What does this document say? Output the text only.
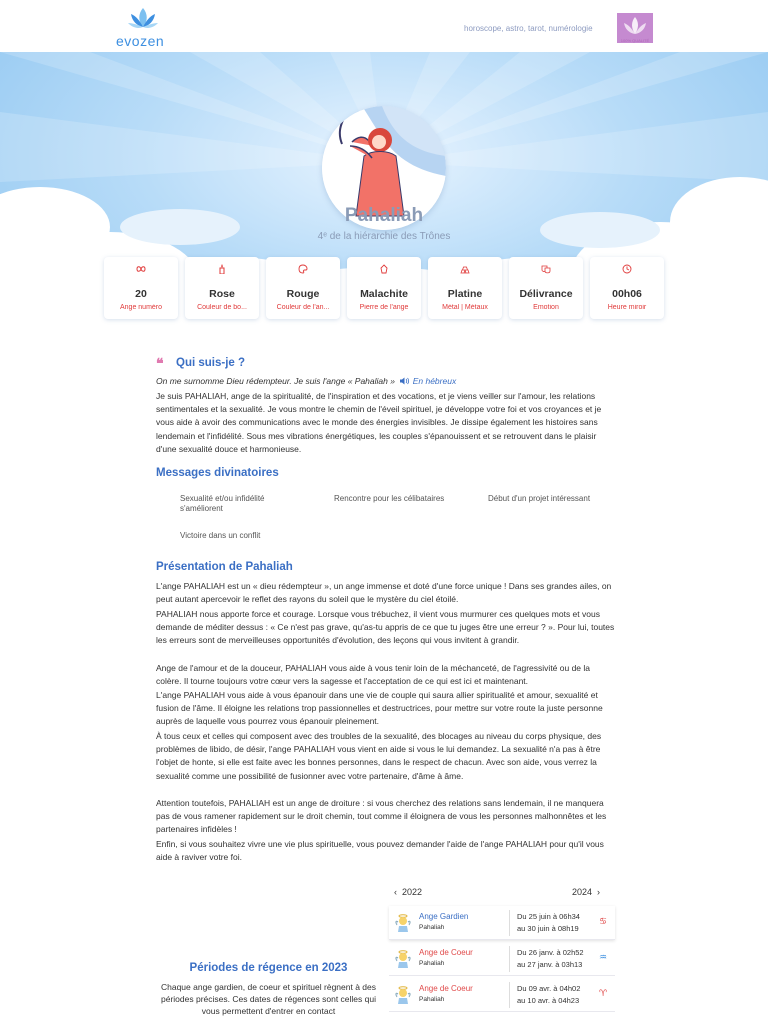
evozen
horoscope, astro, tarot, numérologie
100% QUALITÉ
Pahaliah
4ᵉ de la hiérarchie des Trônes
20
Ange numéro
Rose
Couleur de bo...
Rouge
Couleur de l'an...
Malachite
Pierre de l'ange
Platine
Métal | Métaux
Délivrance
Émotion
00h06
Heure miroir
❝ Qui suis-je ?
On me surnomme Dieu rédempteur. Je suis l'ange « Pahaliah » En hébreux

Je suis PAHALIAH, ange de la spiritualité, de l'inspiration et des vocations, et je viens veiller sur l'amour, les relations sentimentales et la sexualité. Je vous montre le chemin de l'éveil spirituel, je développe votre foi et vos croyances et je vous aide à avoir des communications avec le monde des énergies invisibles. Je dissipe également les histoires sans lendemain et l'infidélité. Sous mes vibrations énergétiques, les couples s'épanouissent et se retrouvent dans le plaisir d'une sexualité douce et harmonieuse.

Messages divinatoires
Sexualité et/ou infidélité s'améliorent
Rencontre pour les célibataires	Début d'un projet intéressant
Victoire dans un conflit
Présentation de Pahaliah

L'ange PAHALIAH est un « dieu rédempteur », un ange immense et doté d'une force unique ! Dans ses grandes ailes, on peut autant apercevoir le reflet des rayons du soleil que le mystère du ciel étoilé.

PAHALIAH nous apporte force et courage. Lorsque vous trébuchez, il vient vous murmurer ces quelques mots et vous demande de méditer dessus : « Ce n'est pas grave, qu'as-tu appris de ce que tu juges être une erreur ? ». Pour lui, toutes les erreurs sont de merveilleuses opportunités d'évolution, des leçons qui vous invitent à grandir.

Ange de l'amour et de la douceur, PAHALIAH vous aide à vous tenir loin de la méchanceté, de l'agressivité ou de la colère. Il tourne toujours votre cœur vers la sagesse et l'acceptation de ce qui est ici et maintenant.

L'ange PAHALIAH vous aide à vous épanouir dans une vie de couple qui saura allier spiritualité et amour, sexualité et fusion de l'âme. Il éloigne les relations trop passionnelles et destructrices, pour mettre sur votre route la juste personne auprès de laquelle vous pourrez vous épanouir pleinement.

À tous ceux et celles qui composent avec des troubles de la sexualité, des blocages au niveau du corps physique, des problèmes de libido, de désir, l'ange PAHALIAH vous vient en aide si vous le lui demandez. La sexualité n'a pas à être l'objet de honte, si elle est faite avec les bonnes personnes, dans le respect de chacun. Avec son aide, vous verrez la sexualité comme une possibilité de fusionner avec votre partenaire, d'âme à âme.

Attention toutefois, PAHALIAH est un ange de droiture : si vous cherchez des relations sans lendemain, il ne manquera pas de vous ramener rapidement sur le droit chemin, tout comme il éloignera de vous les personnes malhonnêtes et les partenaires infidèles !

Enfin, si vous souhaitez vivre une vie plus spirituelle, vous pouvez demander l'aide de l'ange PAHALIAH pour qu'il vous aide à raviver votre foi.

‹ 2022	2024 ›
Ange Gardien
Pahaliah
Du 25 juin à 06h34
au 30 juin à 08h19
♋
Ange de Coeur
Pahaliah
Du 26 janv. à 02h52
au 27 janv. à 03h13
♒
Ange de Coeur
Pahaliah
Du 09 avr. à 04h02
au 10 avr. à 04h23
♈
Périodes de régence en 2023

Chaque ange gardien, de coeur et spirituel règnent à des périodes précises. Ces dates de régences sont celles qui vous permettent d'entrer en contact
